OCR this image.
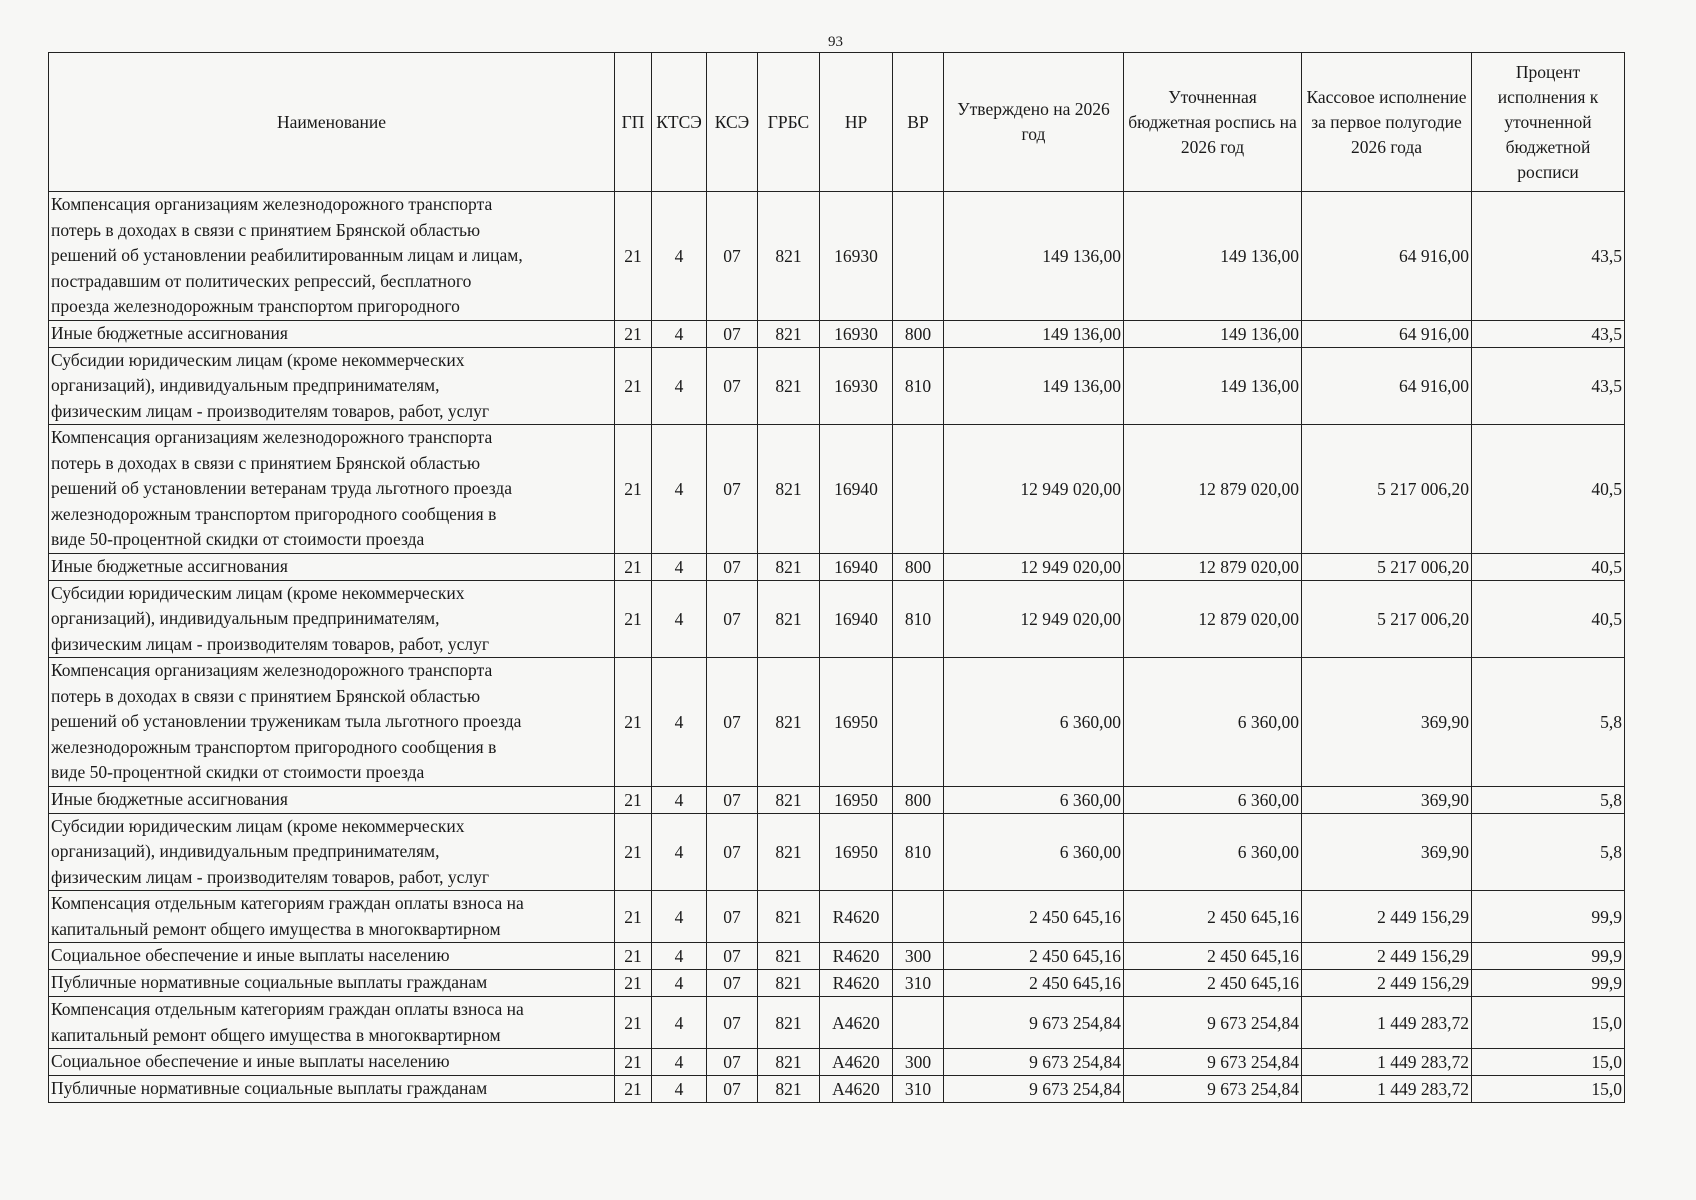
93
Наименование	ГП	КТСЭ	КСЭ	ГРБС	НР	ВР	Утверждено на 2026 год	Уточненная бюджетная роспись на 2026 год	Кассовое исполнение за первое полугодие 2026 года	Процент исполнения к уточненной бюджетной росписи

Компенсация организациям железнодорожного транспорта
потерь в доходах в связи с принятием Брянской областью
решений об установлении реабилитированным лицам и лицам,
пострадавшим от политических репрессий, бесплатного
проезда железнодорожным транспортом пригородного	21	4	07	821	16930		149 136,00	149 136,00	64 916,00	43,5

Иные бюджетные ассигнования	21	4	07	821	16930	800	149 136,00	149 136,00	64 916,00	43,5

Субсидии юридическим лицам (кроме некоммерческих
организаций), индивидуальным предпринимателям,
физическим лицам - производителям товаров, работ, услуг	21	4	07	821	16930	810	149 136,00	149 136,00	64 916,00	43,5

Компенсация организациям железнодорожного транспорта
потерь в доходах в связи с принятием Брянской областью
решений об установлении ветеранам труда льготного проезда
железнодорожным транспортом пригородного сообщения в
виде 50-процентной скидки от стоимости проезда	21	4	07	821	16940		12 949 020,00	12 879 020,00	5 217 006,20	40,5

Иные бюджетные ассигнования	21	4	07	821	16940	800	12 949 020,00	12 879 020,00	5 217 006,20	40,5

Субсидии юридическим лицам (кроме некоммерческих
организаций), индивидуальным предпринимателям,
физическим лицам - производителям товаров, работ, услуг	21	4	07	821	16940	810	12 949 020,00	12 879 020,00	5 217 006,20	40,5

Компенсация организациям железнодорожного транспорта
потерь в доходах в связи с принятием Брянской областью
решений об установлении труженикам тыла льготного проезда
железнодорожным транспортом пригородного сообщения в
виде 50-процентной скидки от стоимости проезда	21	4	07	821	16950		6 360,00	6 360,00	369,90	5,8

Иные бюджетные ассигнования	21	4	07	821	16950	800	6 360,00	6 360,00	369,90	5,8

Субсидии юридическим лицам (кроме некоммерческих
организаций), индивидуальным предпринимателям,
физическим лицам - производителям товаров, работ, услуг	21	4	07	821	16950	810	6 360,00	6 360,00	369,90	5,8

Компенсация отдельным категориям граждан оплаты взноса на
капитальный ремонт общего имущества в многоквартирном	21	4	07	821	R4620		2 450 645,16	2 450 645,16	2 449 156,29	99,9

Социальное обеспечение и иные выплаты населению	21	4	07	821	R4620	300	2 450 645,16	2 450 645,16	2 449 156,29	99,9

Публичные нормативные социальные выплаты гражданам	21	4	07	821	R4620	310	2 450 645,16	2 450 645,16	2 449 156,29	99,9

Компенсация отдельным категориям граждан оплаты взноса на
капитальный ремонт общего имущества в многоквартирном	21	4	07	821	A4620		9 673 254,84	9 673 254,84	1 449 283,72	15,0

Социальное обеспечение и иные выплаты населению	21	4	07	821	A4620	300	9 673 254,84	9 673 254,84	1 449 283,72	15,0

Публичные нормативные социальные выплаты гражданам	21	4	07	821	A4620	310	9 673 254,84	9 673 254,84	1 449 283,72	15,0
